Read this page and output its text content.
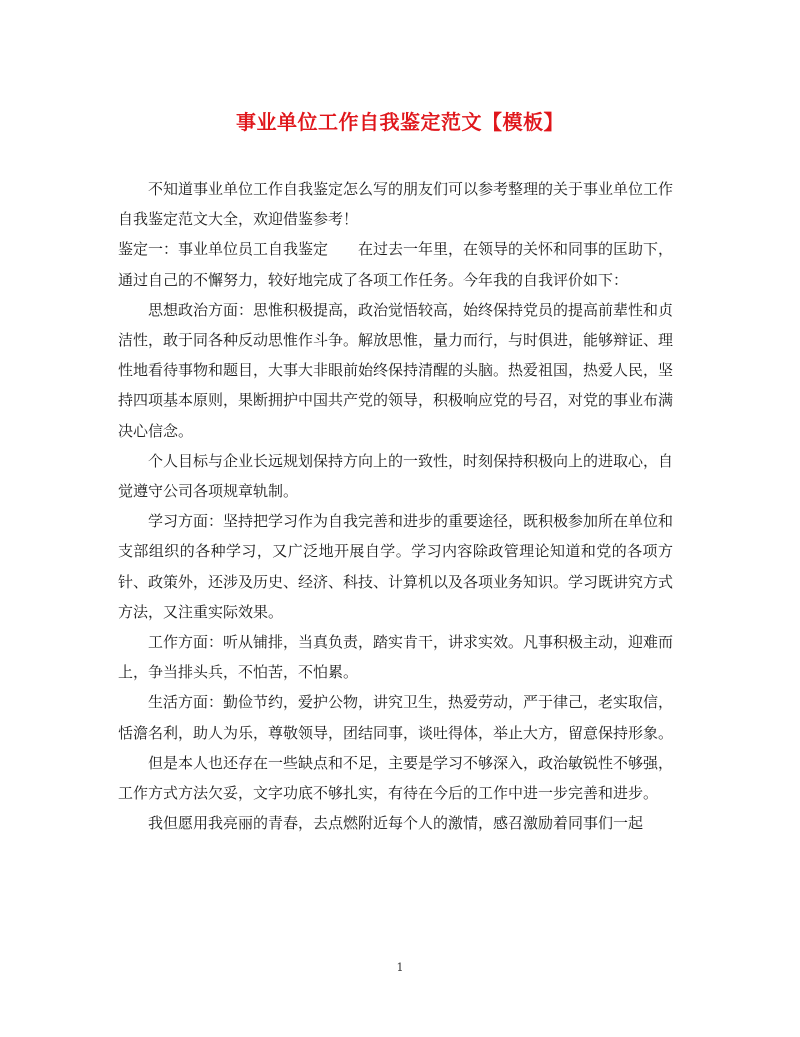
事业单位工作自我鉴定范文【模板】

不知道事业单位工作自我鉴定怎么写的朋友们可以参考整理的关于事业单位工作自我鉴定范文大全，欢迎借鉴参考！

鉴定一：事业单位员工自我鉴定　　在过去一年里，在领导的关怀和同事的匡助下，通过自己的不懈努力，较好地完成了各项工作任务。今年我的自我评价如下：

思想政治方面：思惟积极提高，政治觉悟较高，始终保持党员的提高前辈性和贞洁性，敢于同各种反动思惟作斗争。解放思惟，量力而行，与时俱进，能够辩证、理性地看待事物和题目，大事大非眼前始终保持清醒的头脑。热爱祖国，热爱人民，坚持四项基本原则，果断拥护中国共产党的领导，积极响应党的号召，对党的事业布满决心信念。

个人目标与企业长远规划保持方向上的一致性，时刻保持积极向上的进取心，自觉遵守公司各项规章轨制。

学习方面：坚持把学习作为自我完善和进步的重要途径，既积极参加所在单位和支部组织的各种学习，又广泛地开展自学。学习内容除政管理论知道和党的各项方针、政策外，还涉及历史、经济、科技、计算机以及各项业务知识。学习既讲究方式方法，又注重实际效果。

工作方面：听从铺排，当真负责，踏实肯干，讲求实效。凡事积极主动，迎难而上，争当排头兵，不怕苦，不怕累。

生活方面：勤俭节约，爱护公物，讲究卫生，热爱劳动，严于律己，老实取信，恬澹名利，助人为乐，尊敬领导，团结同事，谈吐得体，举止大方，留意保持形象。

但是本人也还存在一些缺点和不足，主要是学习不够深入，政治敏锐性不够强，工作方式方法欠妥，文字功底不够扎实，有待在今后的工作中进一步完善和进步。

我但愿用我亮丽的青春，去点燃附近每个人的激情，感召激励着同事们一起

1
